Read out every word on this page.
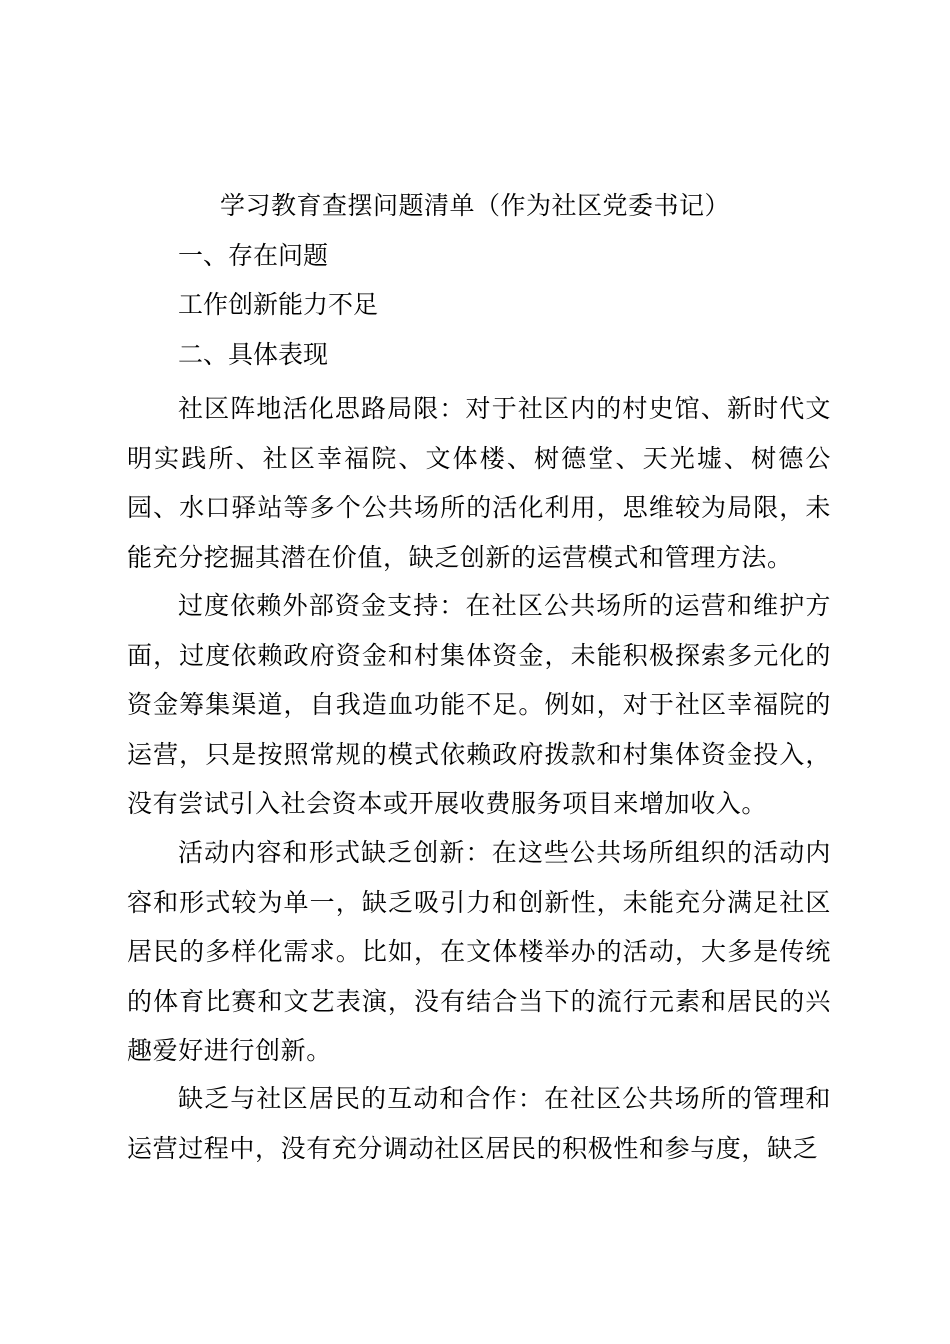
学习教育查摆问题清单（作为社区党委书记）

一、存在问题

工作创新能力不足

二、具体表现

社区阵地活化思路局限：对于社区内的村史馆、新时代文明实践所、社区幸福院、文体楼、树德堂、天光墟、树德公园、水口驿站等多个公共场所的活化利用，思维较为局限，未能充分挖掘其潜在价值，缺乏创新的运营模式和管理方法。

过度依赖外部资金支持：在社区公共场所的运营和维护方面，过度依赖政府资金和村集体资金，未能积极探索多元化的资金筹集渠道，自我造血功能不足。例如，对于社区幸福院的运营，只是按照常规的模式依赖政府拨款和村集体资金投入，没有尝试引入社会资本或开展收费服务项目来增加收入。

活动内容和形式缺乏创新：在这些公共场所组织的活动内容和形式较为单一，缺乏吸引力和创新性，未能充分满足社区居民的多样化需求。比如，在文体楼举办的活动，大多是传统的体育比赛和文艺表演，没有结合当下的流行元素和居民的兴趣爱好进行创新。

缺乏与社区居民的互动和合作：在社区公共场所的管理和运营过程中，没有充分调动社区居民的积极性和参与度，缺乏
